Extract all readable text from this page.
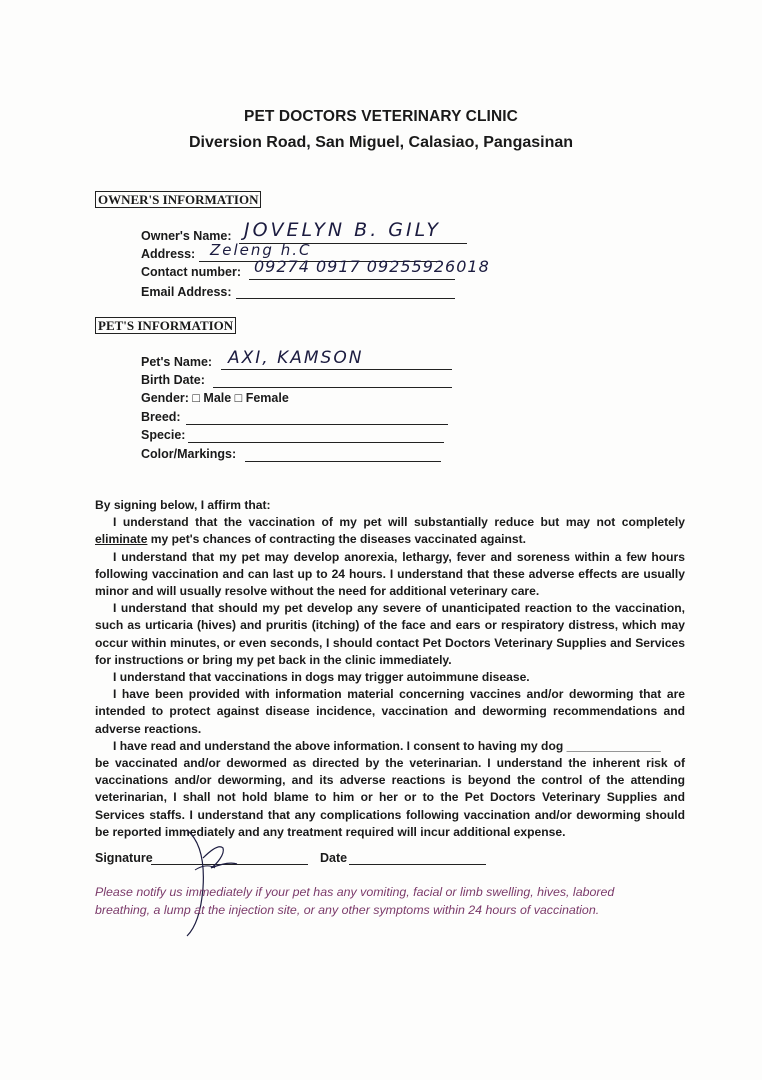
PET DOCTORS VETERINARY CLINIC
Diversion Road, San Miguel, Calasiao, Pangasinan
OWNER'S INFORMATION
Owner's Name: JOVELYN B. GILY
Address: Zeleng h.C
Contact number: 09274 0917 09255926018
Email Address:
PET'S INFORMATION
Pet's Name: AXI, KAMSON
Birth Date:
Gender: □ Male □ Female
Breed:
Specie:
Color/Markings:

By signing below, I affirm that:

I understand that the vaccination of my pet will substantially reduce but may not completely eliminate my pet's chances of contracting the diseases vaccinated against.

I understand that my pet may develop anorexia, lethargy, fever and soreness within a few hours following vaccination and can last up to 24 hours. I understand that these adverse effects are usually minor and will usually resolve without the need for additional veterinary care.

I understand that should my pet develop any severe of unanticipated reaction to the vaccination, such as urticaria (hives) and pruritis (itching) of the face and ears or respiratory distress, which may occur within minutes, or even seconds, I should contact Pet Doctors Veterinary Supplies and Services for instructions or bring my pet back in the clinic immediately.

I understand that vaccinations in dogs may trigger autoimmune disease.

I have been provided with information material concerning vaccines and/or deworming that are intended to protect against disease incidence, vaccination and deworming recommendations and adverse reactions.

I have read and understand the above information. I consent to having my dog ______________

be vaccinated and/or dewormed as directed by the veterinarian. I understand the inherent risk of vaccinations and/or deworming, and its adverse reactions is beyond the control of the attending veterinarian, I shall not hold blame to him or her or to the Pet Doctors Veterinary Supplies and Services staffs. I understand that any complications following vaccination and/or deworming should be reported immediately and any treatment required will incur additional expense.

Signature	Date
Please notify us immediately if your pet has any vomiting, facial or limb swelling, hives, labored breathing, a lump at the injection site, or any other symptoms within 24 hours of vaccination.
